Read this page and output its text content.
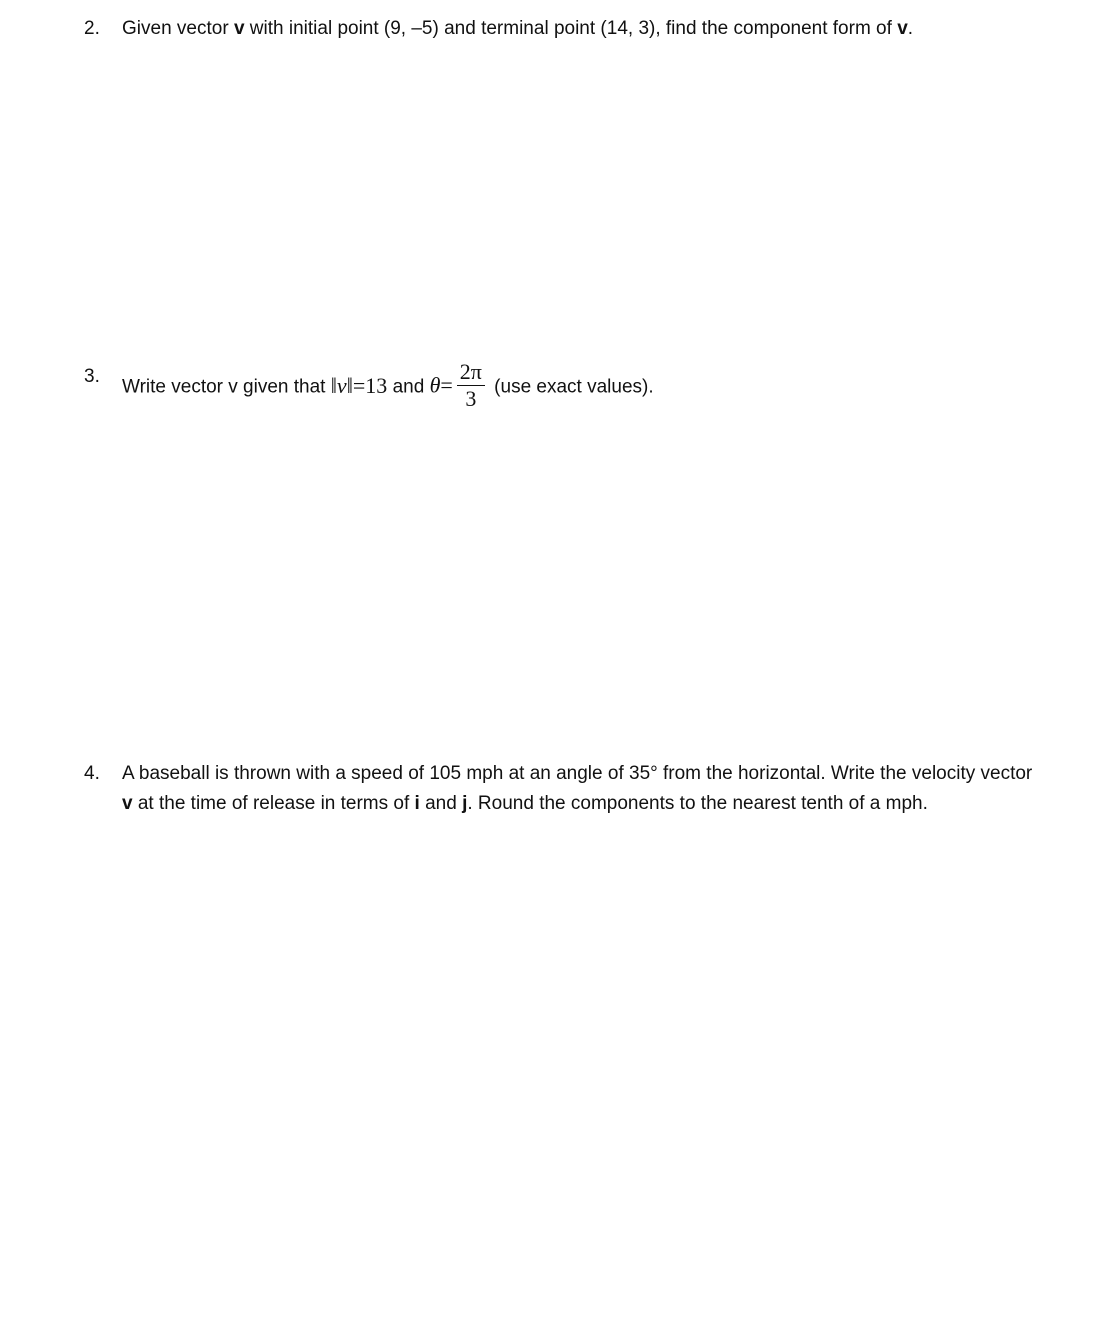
2.	Given vector v with initial point (9, –5) and terminal point (14, 3), find the component form of v.
3.
Write vector v given that ‖v‖=13 and $\theta= \frac{2\pi}{3} (use$ exact values).
4.	A baseball is thrown with a speed of 105 mph at an angle of 35° from the horizontal. Write the velocity vector v at the time of release in terms of i and j. Round the components to the nearest tenth of a mph.
